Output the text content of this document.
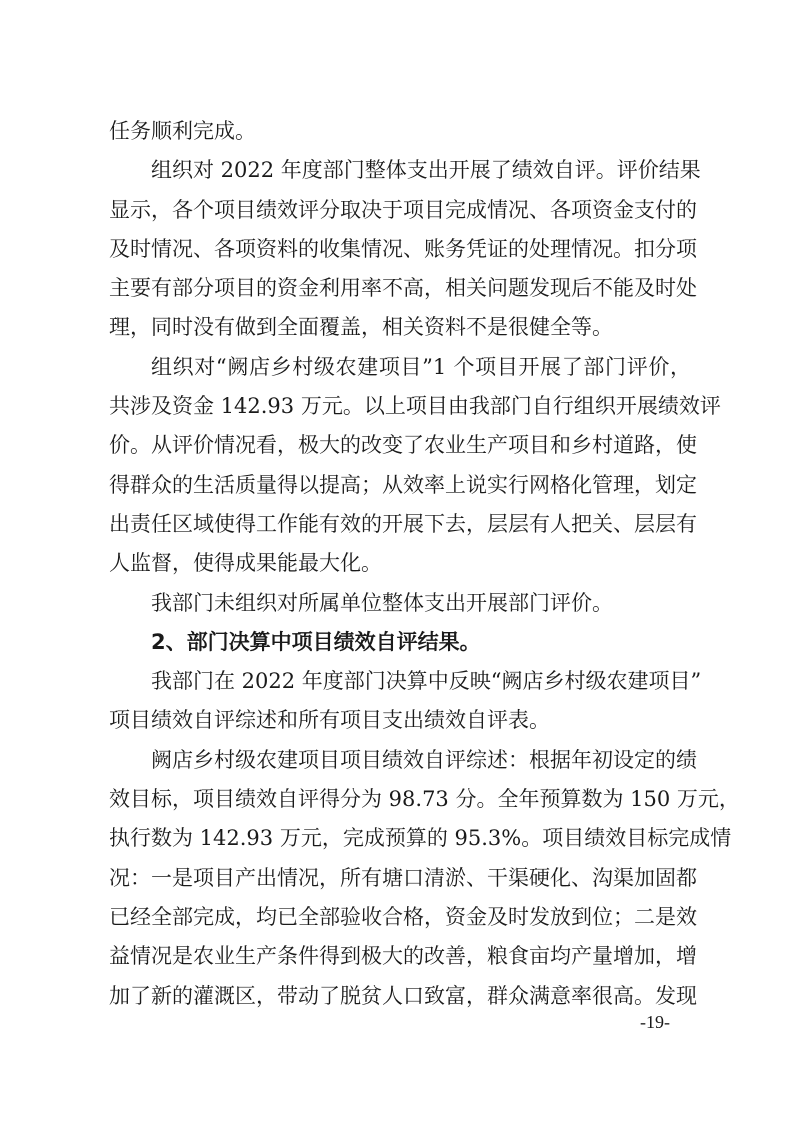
任务顺利完成。
组织对 2022 年度部门整体支出开展了绩效自评。评价结果
显示，各个项目绩效评分取决于项目完成情况、各项资金支付的
及时情况、各项资料的收集情况、账务凭证的处理情况。扣分项
主要有部分项目的资金利用率不高，相关问题发现后不能及时处
理，同时没有做到全面覆盖，相关资料不是很健全等。
组织对“阙店乡村级农建项目”1 个项目开展了部门评价，
共涉及资金 142.93 万元。以上项目由我部门自行组织开展绩效评
价。从评价情况看，极大的改变了农业生产项目和乡村道路，使
得群众的生活质量得以提高；从效率上说实行网格化管理，划定
出责任区域使得工作能有效的开展下去，层层有人把关、层层有
人监督，使得成果能最大化。
我部门未组织对所属单位整体支出开展部门评价。
2、部门决算中项目绩效自评结果。
我部门在 2022 年度部门决算中反映“阙店乡村级农建项目”
项目绩效自评综述和所有项目支出绩效自评表。
阙店乡村级农建项目项目绩效自评综述：根据年初设定的绩
效目标，项目绩效自评得分为 98.73 分。全年预算数为 150 万元，
执行数为 142.93 万元，完成预算的 95.3%。项目绩效目标完成情
况：一是项目产出情况，所有塘口清淤、干渠硬化、沟渠加固都
已经全部完成，均已全部验收合格，资金及时发放到位；二是效
益情况是农业生产条件得到极大的改善，粮食亩均产量增加，增
加了新的灌溉区，带动了脱贫人口致富，群众满意率很高。发现
-19-
